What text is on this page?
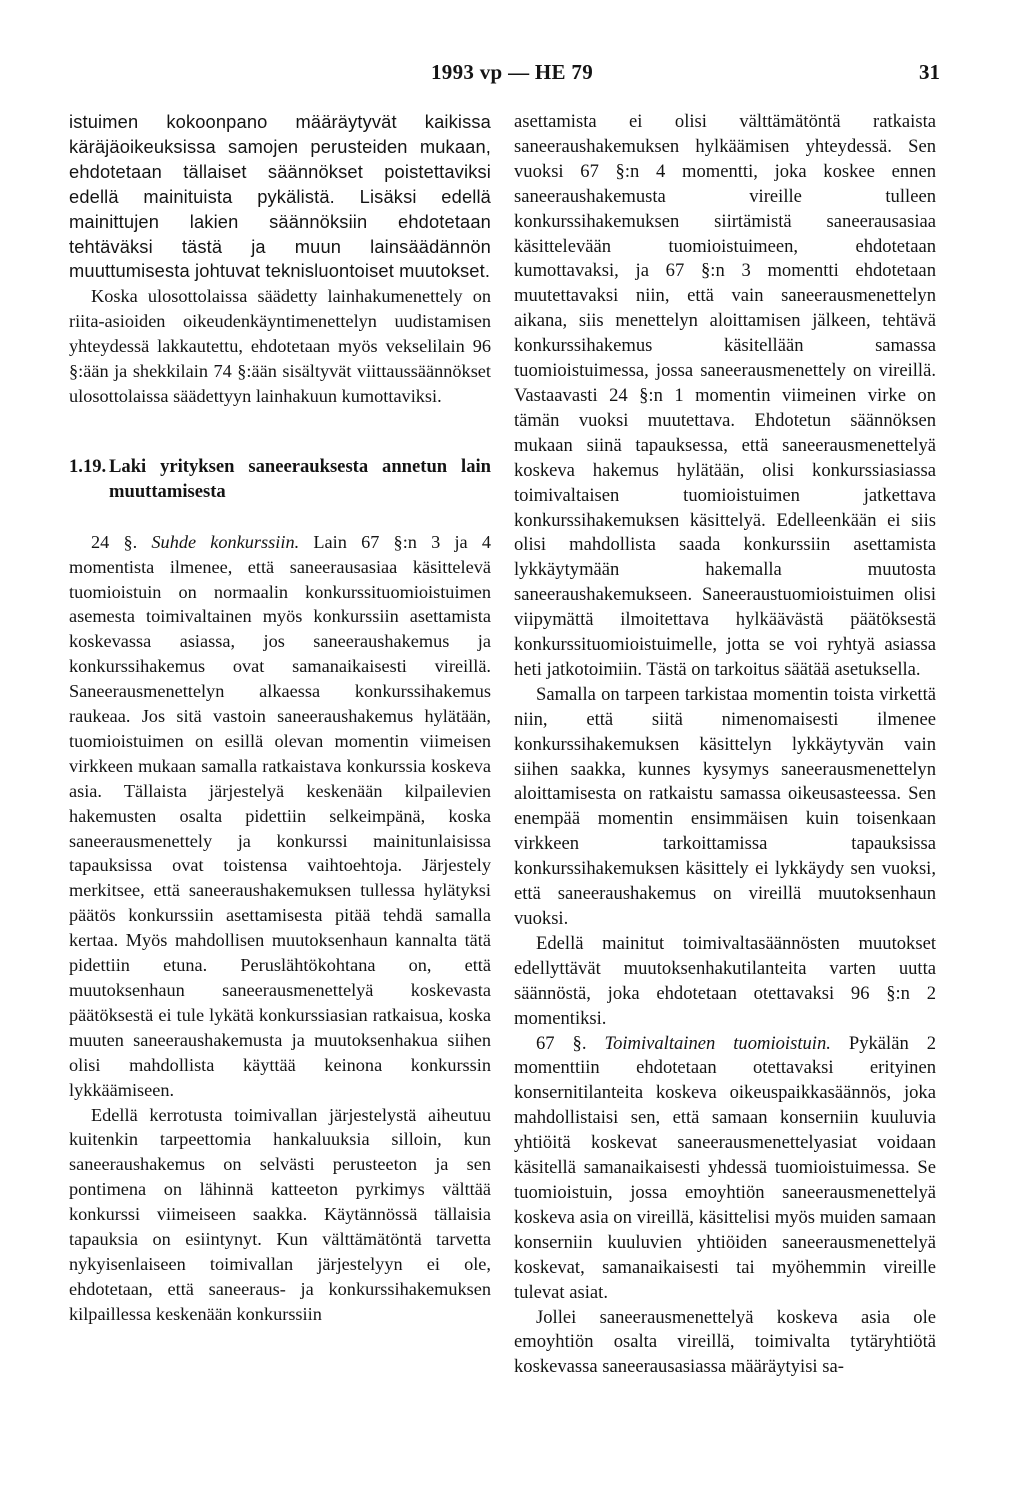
1993 vp — HE 79	31

istuimen kokoonpano määräytyvät kaikissa käräjäoikeuksissa samojen perusteiden mukaan, ehdotetaan tällaiset säännökset poistettaviksi edellä mainituista pykälistä. Lisäksi edellä mainittujen lakien säännöksiin ehdotetaan tehtäväksi tästä ja muun lainsäädännön muuttumisesta johtuvat teknisluontoiset muutokset.

Koska ulosottolaissa säädetty lainhakumenettely on riita-asioiden oikeudenkäyntimenettelyn uudistamisen yhteydessä lakkautettu, ehdotetaan myös vekselilain 96 §:ään ja shekkilain 74 §:ään sisältyvät viittaussäännökset ulosottolaissa säädettyyn lainhakuun kumottaviksi.

1.19. Laki yrityksen saneerauksesta annetun lain muuttamisesta

24 §. Suhde konkurssiin. Lain 67 §:n 3 ja 4 momentista ilmenee, että saneerausasiaa käsittelevä tuomioistuin on normaalin konkurssituomioistuimen asemesta toimivaltainen myös konkurssiin asettamista koskevassa asiassa, jos saneeraushakemus ja konkurssihakemus ovat samanaikaisesti vireillä. Saneerausmenettelyn alkaessa konkurssihakemus raukeaa. Jos sitä vastoin saneeraushakemus hylätään, tuomioistuimen on esillä olevan momentin viimeisen virkkeen mukaan samalla ratkaistava konkurssia koskeva asia. Tällaista järjestelyä keskenään kilpailevien hakemusten osalta pidettiin selkeimpänä, koska saneerausmenettely ja konkurssi mainitunlaisissa tapauksissa ovat toistensa vaihtoehtoja. Järjestely merkitsee, että saneeraushakemuksen tullessa hylätyksi päätös konkurssiin asettamisesta pitää tehdä samalla kertaa. Myös mahdollisen muutoksenhaun kannalta tätä pidettiin etuna. Peruslähtökohtana on, että muutoksenhaun saneerausmenettelyä koskevasta päätöksestä ei tule lykätä konkurssiasian ratkaisua, koska muuten saneeraushakemusta ja muutoksenhakua siihen olisi mahdollista käyttää keinona konkurssin lykkäämiseen.

Edellä kerrotusta toimivallan järjestelystä aiheutuu kuitenkin tarpeettomia hankaluuksia silloin, kun saneeraushakemus on selvästi perusteeton ja sen pontimena on lähinnä katteeton pyrkimys välttää konkurssi viimeiseen saakka. Käytännössä tällaisia tapauksia on esiintynyt. Kun välttämätöntä tarvetta nykyisenlaiseen toimivallan järjestelyyn ei ole, ehdotetaan, että saneeraus- ja konkurssihakemuksen kilpaillessa keskenään konkurssiin

asettamista ei olisi välttämätöntä ratkaista saneeraushakemuksen hylkäämisen yhteydessä. Sen vuoksi 67 §:n 4 momentti, joka koskee ennen saneeraushakemusta vireille tulleen konkurssihakemuksen siirtämistä saneerausasiaa käsittelevään tuomioistuimeen, ehdotetaan kumottavaksi, ja 67 §:n 3 momentti ehdotetaan muutettavaksi niin, että vain saneerausmenettelyn aikana, siis menettelyn aloittamisen jälkeen, tehtävä konkurssihakemus käsitellään samassa tuomioistuimessa, jossa saneerausmenettely on vireillä. Vastaavasti 24 §:n 1 momentin viimeinen virke on tämän vuoksi muutettava. Ehdotetun säännöksen mukaan siinä tapauksessa, että saneerausmenettelyä koskeva hakemus hylätään, olisi konkurssiasiassa toimivaltaisen tuomioistuimen jatkettava konkurssihakemuksen käsittelyä. Edelleenkään ei siis olisi mahdollista saada konkurssiin asettamista lykkäytymään hakemalla muutosta saneeraushakemukseen. Saneeraustuomioistuimen olisi viipymättä ilmoitettava hylkäävästä päätöksestä konkurssituomioistuimelle, jotta se voi ryhtyä asiassa heti jatkotoimiin. Tästä on tarkoitus säätää asetuksella.

Samalla on tarpeen tarkistaa momentin toista virkettä niin, että siitä nimenomaisesti ilmenee konkurssihakemuksen käsittelyn lykkäytyvän vain siihen saakka, kunnes kysymys saneerausmenettelyn aloittamisesta on ratkaistu samassa oikeusasteessa. Sen enempää momentin ensimmäisen kuin toisenkaan virkkeen tarkoittamissa tapauksissa konkurssihakemuksen käsittely ei lykkäydy sen vuoksi, että saneeraushakemus on vireillä muutoksenhaun vuoksi.

Edellä mainitut toimivaltasäännösten muutokset edellyttävät muutoksenhakutilanteita varten uutta säännöstä, joka ehdotetaan otettavaksi 96 §:n 2 momentiksi.

67 §. Toimivaltainen tuomioistuin. Pykälän 2 momenttiin ehdotetaan otettavaksi erityinen konsernitilanteita koskeva oikeuspaikkasäännös, joka mahdollistaisi sen, että samaan konserniin kuuluvia yhtiöitä koskevat saneerausmenettelyasiat voidaan käsitellä samanaikaisesti yhdessä tuomioistuimessa. Se tuomioistuin, jossa emoyhtiön saneerausmenettelyä koskeva asia on vireillä, käsittelisi myös muiden samaan konserniin kuuluvien yhtiöiden saneerausmenettelyä koskevat, samanaikaisesti tai myöhemmin vireille tulevat asiat.

Jollei saneerausmenettelyä koskeva asia ole emoyhtiön osalta vireillä, toimivalta tytäryhtiötä koskevassa saneerausasiassa määräytyisi sa-
